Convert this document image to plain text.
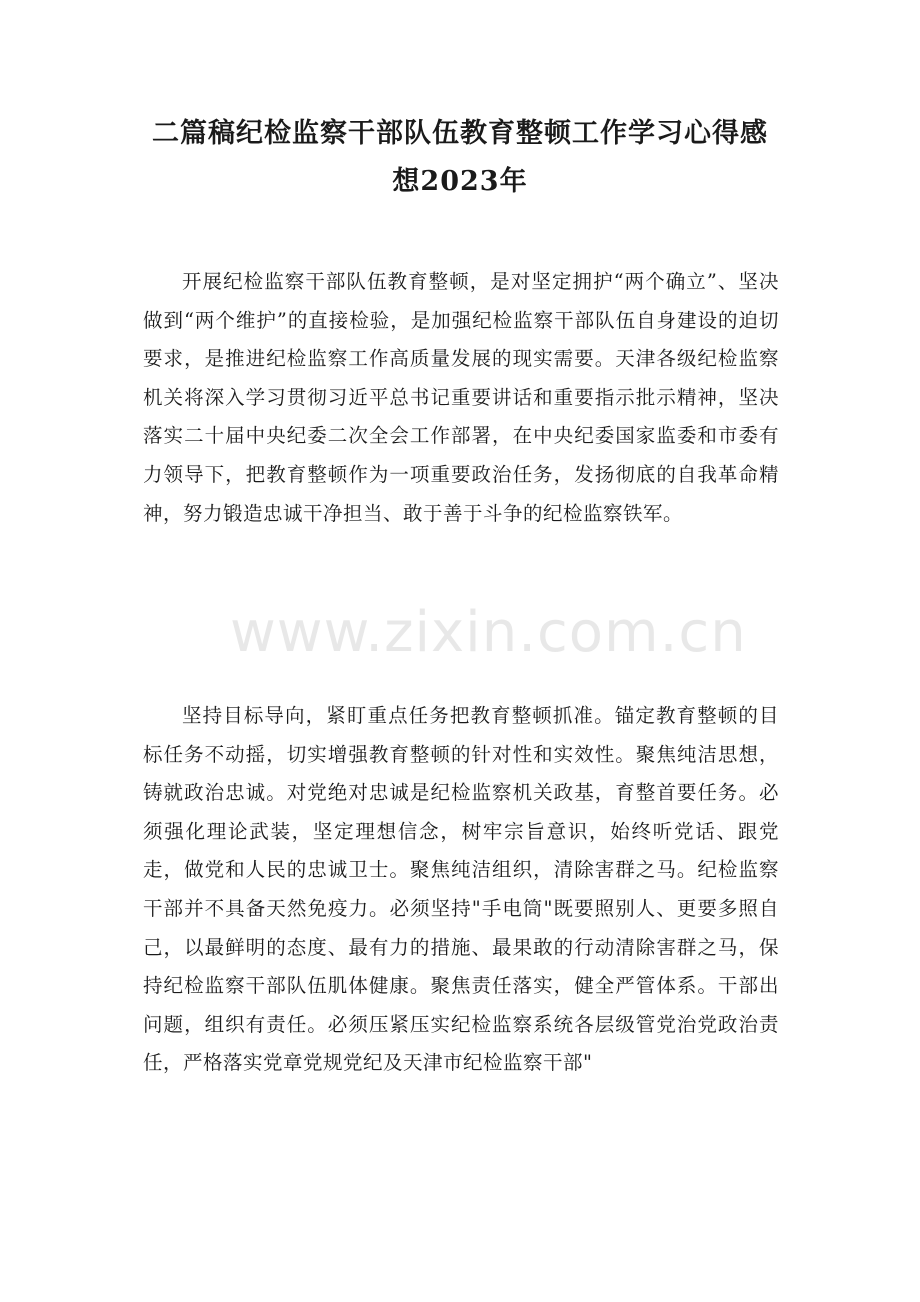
二篇稿纪检监察干部队伍教育整顿工作学习心得感想2023年

开展纪检监察干部队伍教育整顿，是对坚定拥护“两个确立”、坚决做到“两个维护”的直接检验，是加强纪检监察干部队伍自身建设的迫切要求，是推进纪检监察工作高质量发展的现实需要。天津各级纪检监察机关将深入学习贯彻习近平总书记重要讲话和重要指示批示精神，坚决落实二十届中央纪委二次全会工作部署，在中央纪委国家监委和市委有力领导下，把教育整顿作为一项重要政治任务，发扬彻底的自我革命精神，努力锻造忠诚干净担当、敢于善于斗争的纪检监察铁军。

www.zixin.com.cn

坚持目标导向，紧盯重点任务把教育整顿抓准。锚定教育整顿的目标任务不动摇，切实增强教育整顿的针对性和实效性。聚焦纯洁思想，铸就政治忠诚。对党绝对忠诚是纪检监察机关政基，育整首要任务。必须强化理论武装，坚定理想信念，树牢宗旨意识，始终听党话、跟党走，做党和人民的忠诚卫士。聚焦纯洁组织，清除害群之马。纪检监察干部并不具备天然免疫力。必须坚持"手电筒"既要照别人、更要多照自己，以最鲜明的态度、最有力的措施、最果敢的行动清除害群之马，保持纪检监察干部队伍肌体健康。聚焦责任落实，健全严管体系。干部出问题，组织有责任。必须压紧压实纪检监察系统各层级管党治党政治责任，严格落实党章党规党纪及天津市纪检监察干部"
